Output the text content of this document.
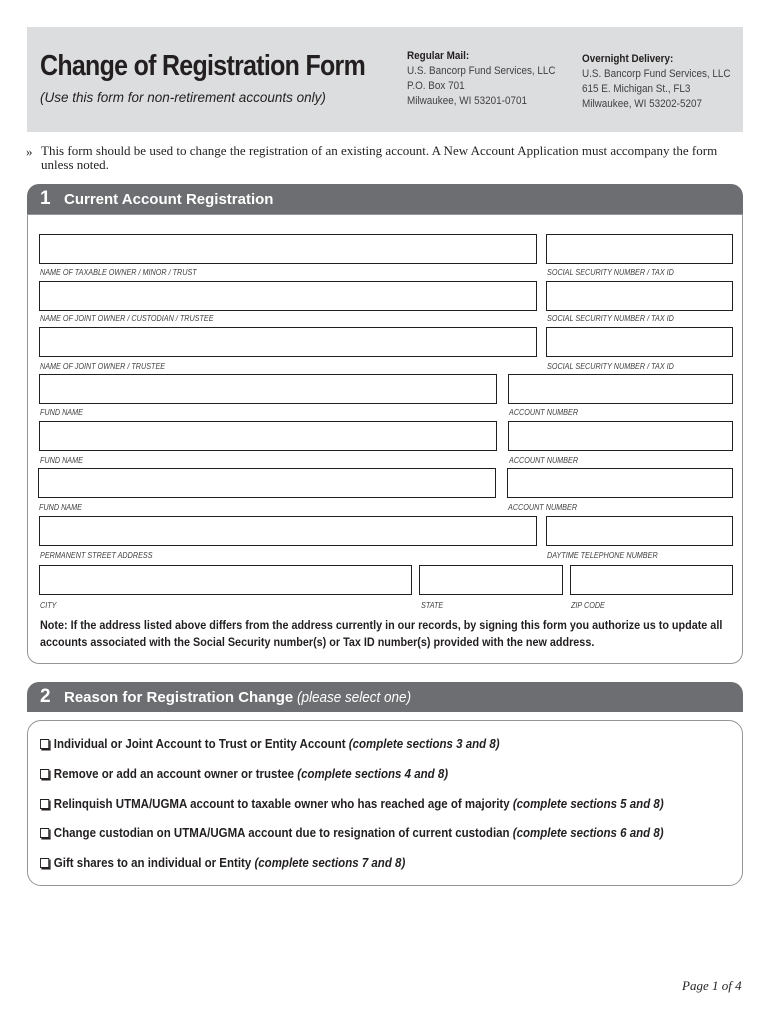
Change of Registration Form
(Use this form for non-retirement accounts only)
Regular Mail:
U.S. Bancorp Fund Services, LLC
P.O. Box 701
Milwaukee, WI 53201-0701
Overnight Delivery:
U.S. Bancorp Fund Services, LLC
615 E. Michigan St., FL3
Milwaukee, WI 53202-5207
» This form should be used to change the registration of an existing account. A New Account Application must accompany the form unless noted.
1 Current Account Registration
NAME OF TAXABLE OWNER / MINOR / TRUST	SOCIAL SECURITY NUMBER / TAX ID
NAME OF JOINT OWNER / CUSTODIAN / TRUSTEE	SOCIAL SECURITY NUMBER / TAX ID
NAME OF JOINT OWNER / TRUSTEE	SOCIAL SECURITY NUMBER / TAX ID
FUND NAME	ACCOUNT NUMBER
FUND NAME	ACCOUNT NUMBER
FUND NAME	ACCOUNT NUMBER
PERMANENT STREET ADDRESS	DAYTIME TELEPHONE NUMBER
CITY	STATE	ZIP CODE
Note: If the address listed above differs from the address currently in our records, by signing this form you authorize us to update all accounts associated with the Social Security number(s) or Tax ID number(s) provided with the new address.
2 Reason for Registration Change (please select one)
Individual or Joint Account to Trust or Entity Account (complete sections 3 and 8)
Remove or add an account owner or trustee (complete sections 4 and 8)
Relinquish UTMA/UGMA account to taxable owner who has reached age of majority (complete sections 5 and 8)
Change custodian on UTMA/UGMA account due to resignation of current custodian (complete sections 6 and 8)
Gift shares to an individual or Entity (complete sections 7 and 8)
Page 1 of 4
